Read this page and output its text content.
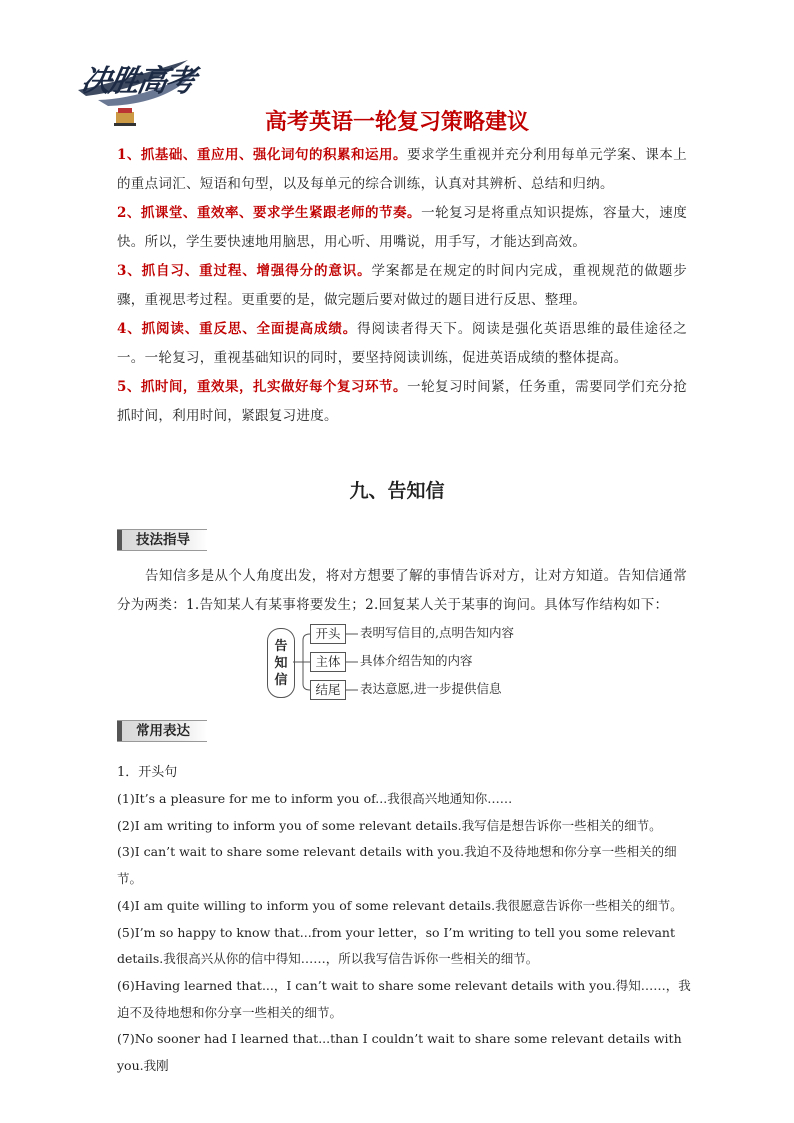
决胜高考
高考英语一轮复习策略建议

1、抓基础、重应用、强化词句的积累和运用。要求学生重视并充分利用每单元学案、课本上的重点词汇、短语和句型，以及每单元的综合训练，认真对其辨析、总结和归纳。

2、抓课堂、重效率、要求学生紧跟老师的节奏。一轮复习是将重点知识提炼，容量大，速度快。所以，学生要快速地用脑思，用心听、用嘴说，用手写，才能达到高效。

3、抓自习、重过程、增强得分的意识。学案都是在规定的时间内完成，重视规范的做题步骤，重视思考过程。更重要的是，做完题后要对做过的题目进行反思、整理。

4、抓阅读、重反思、全面提高成绩。得阅读者得天下。阅读是强化英语思维的最佳途径之一。一轮复习，重视基础知识的同时，要坚持阅读训练，促进英语成绩的整体提高。

5、抓时间，重效果，扎实做好每个复习环节。一轮复习时间紧，任务重，需要同学们充分抢抓时间，利用时间，紧跟复习进度。

九、告知信
技法指导

告知信多是从个人角度出发，将对方想要了解的事情告诉对方，让对方知道。告知信通常分为两类：1.告知某人有某事将要发生；2.回复某人关于某事的询问。具体写作结构如下：

告
知
信
开头	表明写信目的,点明告知内容
主体	具体介绍告知的内容
结尾	表达意愿,进一步提供信息
常用表达

1．开头句

(1)It’s a pleasure for me to inform you of...我很高兴地通知你……

(2)I am writing to inform you of some relevant details.我写信是想告诉你一些相关的细节。

(3)I can’t wait to share some relevant details with you.我迫不及待地想和你分享一些相关的细节。

(4)I am quite willing to inform you of some relevant details.我很愿意告诉你一些相关的细节。

(5)I’m so happy to know that...from your letter，so I’m writing to tell you some relevant details.我很高兴从你的信中得知……，所以我写信告诉你一些相关的细节。

(6)Having learned that...，I can’t wait to share some relevant details with you.得知……，我迫不及待地想和你分享一些相关的细节。

(7)No sooner had I learned that...than I couldn’t wait to share some relevant details with you.我刚
